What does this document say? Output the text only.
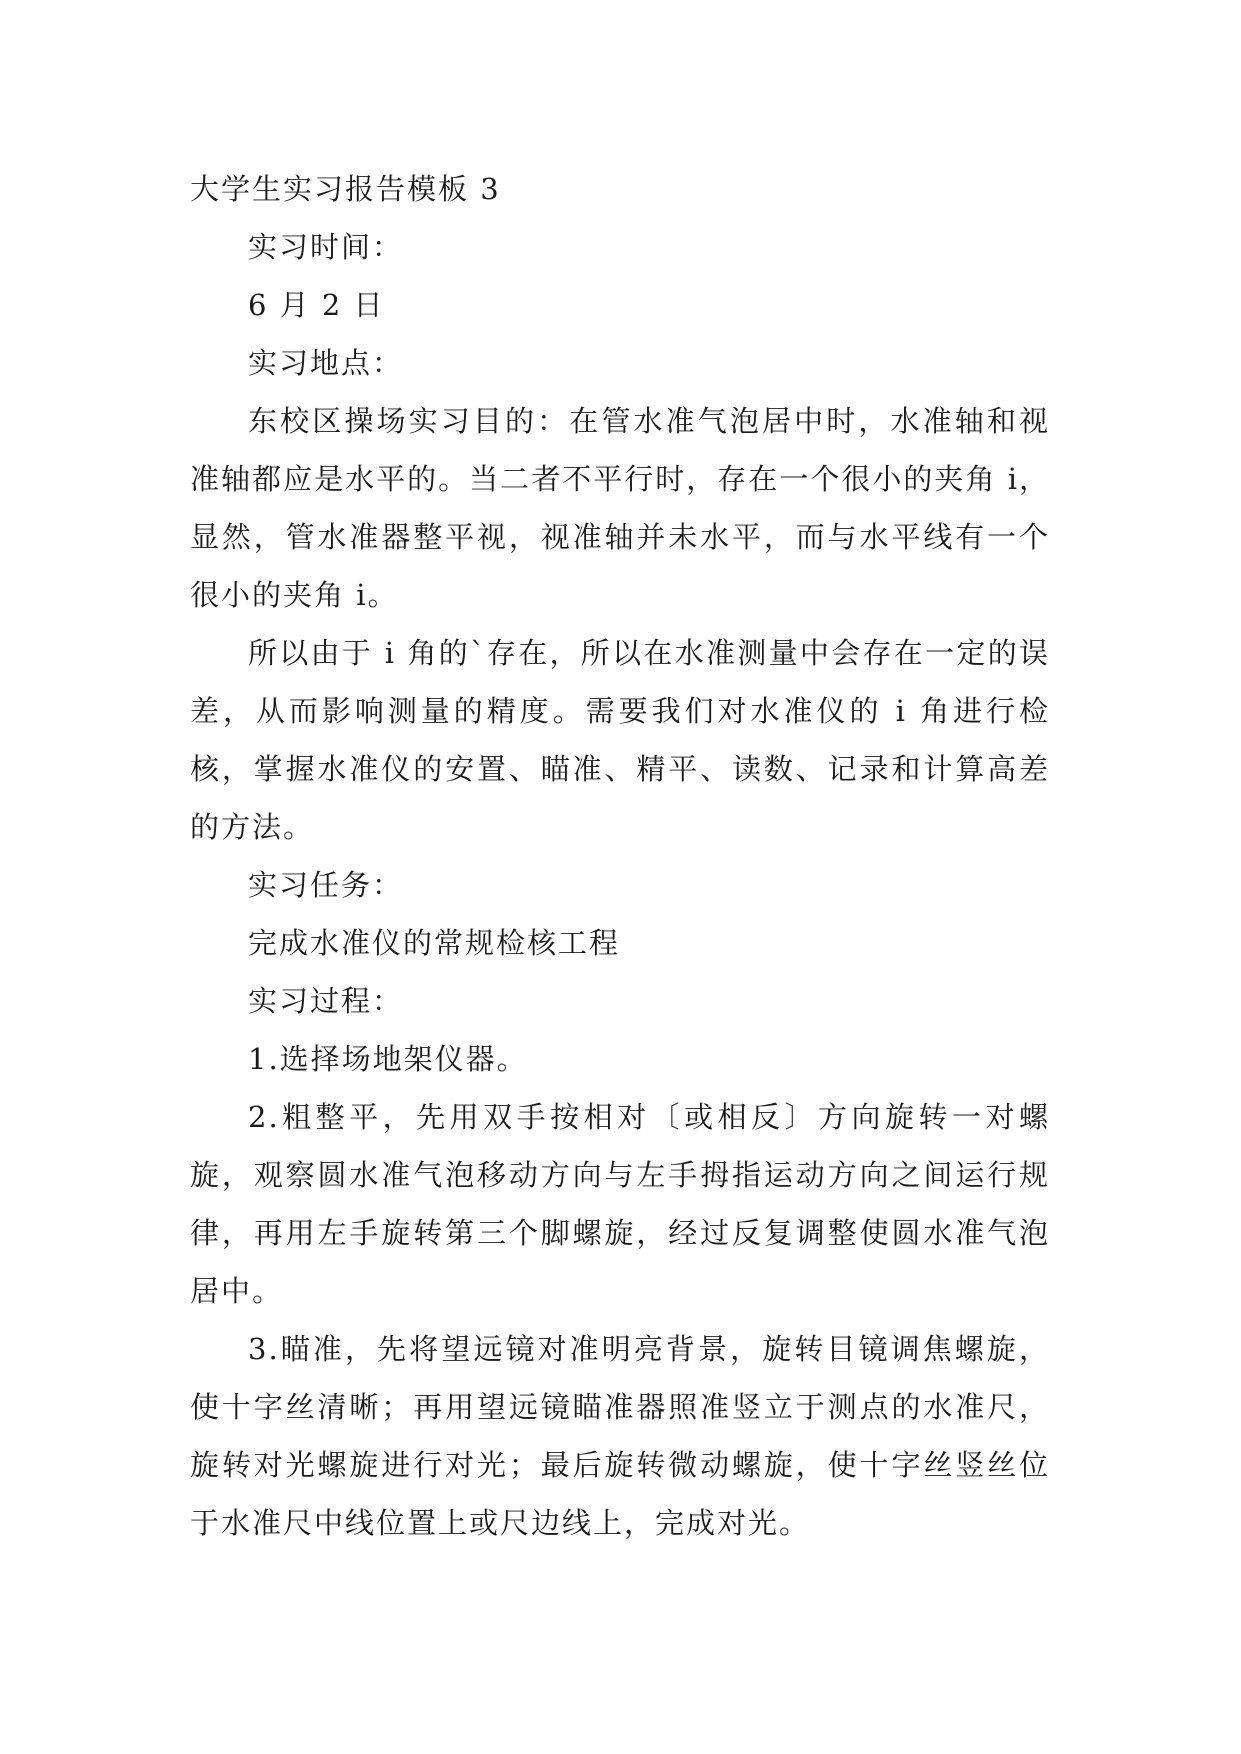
大学生实习报告模板 3

实习时间：

6 月 2 日

实习地点：

东校区操场实习目的：在管水准气泡居中时，水准轴和视准轴都应是水平的。当二者不平行时，存在一个很小的夹角 i，显然，管水准器整平视，视准轴并未水平，而与水平线有一个很小的夹角 i。

所以由于 i 角的`存在，所以在水准测量中会存在一定的误差，从而影响测量的精度。需要我们对水准仪的 i 角进行检核，掌握水准仪的安置、瞄准、精平、读数、记录和计算高差的方法。

实习任务：

完成水准仪的常规检核工程

实习过程：

1.选择场地架仪器。

2.粗整平，先用双手按相对〔或相反〕方向旋转一对螺旋，观察圆水准气泡移动方向与左手拇指运动方向之间运行规律，再用左手旋转第三个脚螺旋，经过反复调整使圆水准气泡居中。

3.瞄准，先将望远镜对准明亮背景，旋转目镜调焦螺旋，使十字丝清晰；再用望远镜瞄准器照准竖立于测点的水准尺，旋转对光螺旋进行对光；最后旋转微动螺旋，使十字丝竖丝位于水准尺中线位置上或尺边线上，完成对光。
